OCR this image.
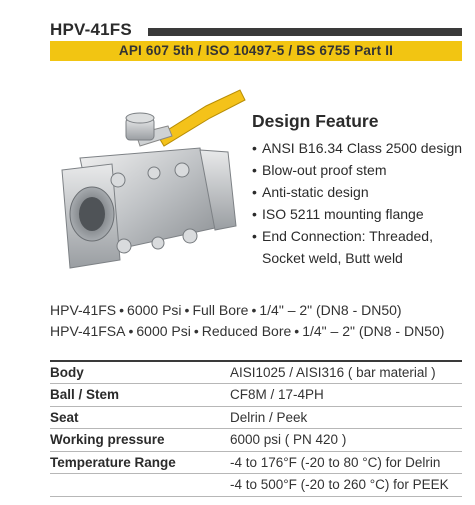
HPV-41FS
API 607 5th / ISO 10497-5 / BS 6755 Part II
Design Feature
• ANSI B16.34 Class 2500 design
• Blow-out proof stem
• Anti-static design
• ISO 5211 mounting flange
• End Connection: Threaded,
Socket weld, Butt weld
HPV-41FS • 6000 Psi • Full Bore • 1/4" – 2" (DN8 - DN50)
HPV-41FSA • 6000 Psi • Reduced Bore • 1/4" – 2" (DN8 - DN50)
Body	AISI1025 / AISI316 ( bar material )
Ball / Stem	CF8M / 17-4PH
Seat	Delrin / Peek
Working pressure	6000 psi ( PN 420 )
Temperature Range	-4 to 176°F (-20 to 80 °C) for Delrin
	-4 to 500°F (-20 to 260 °C) for PEEK
